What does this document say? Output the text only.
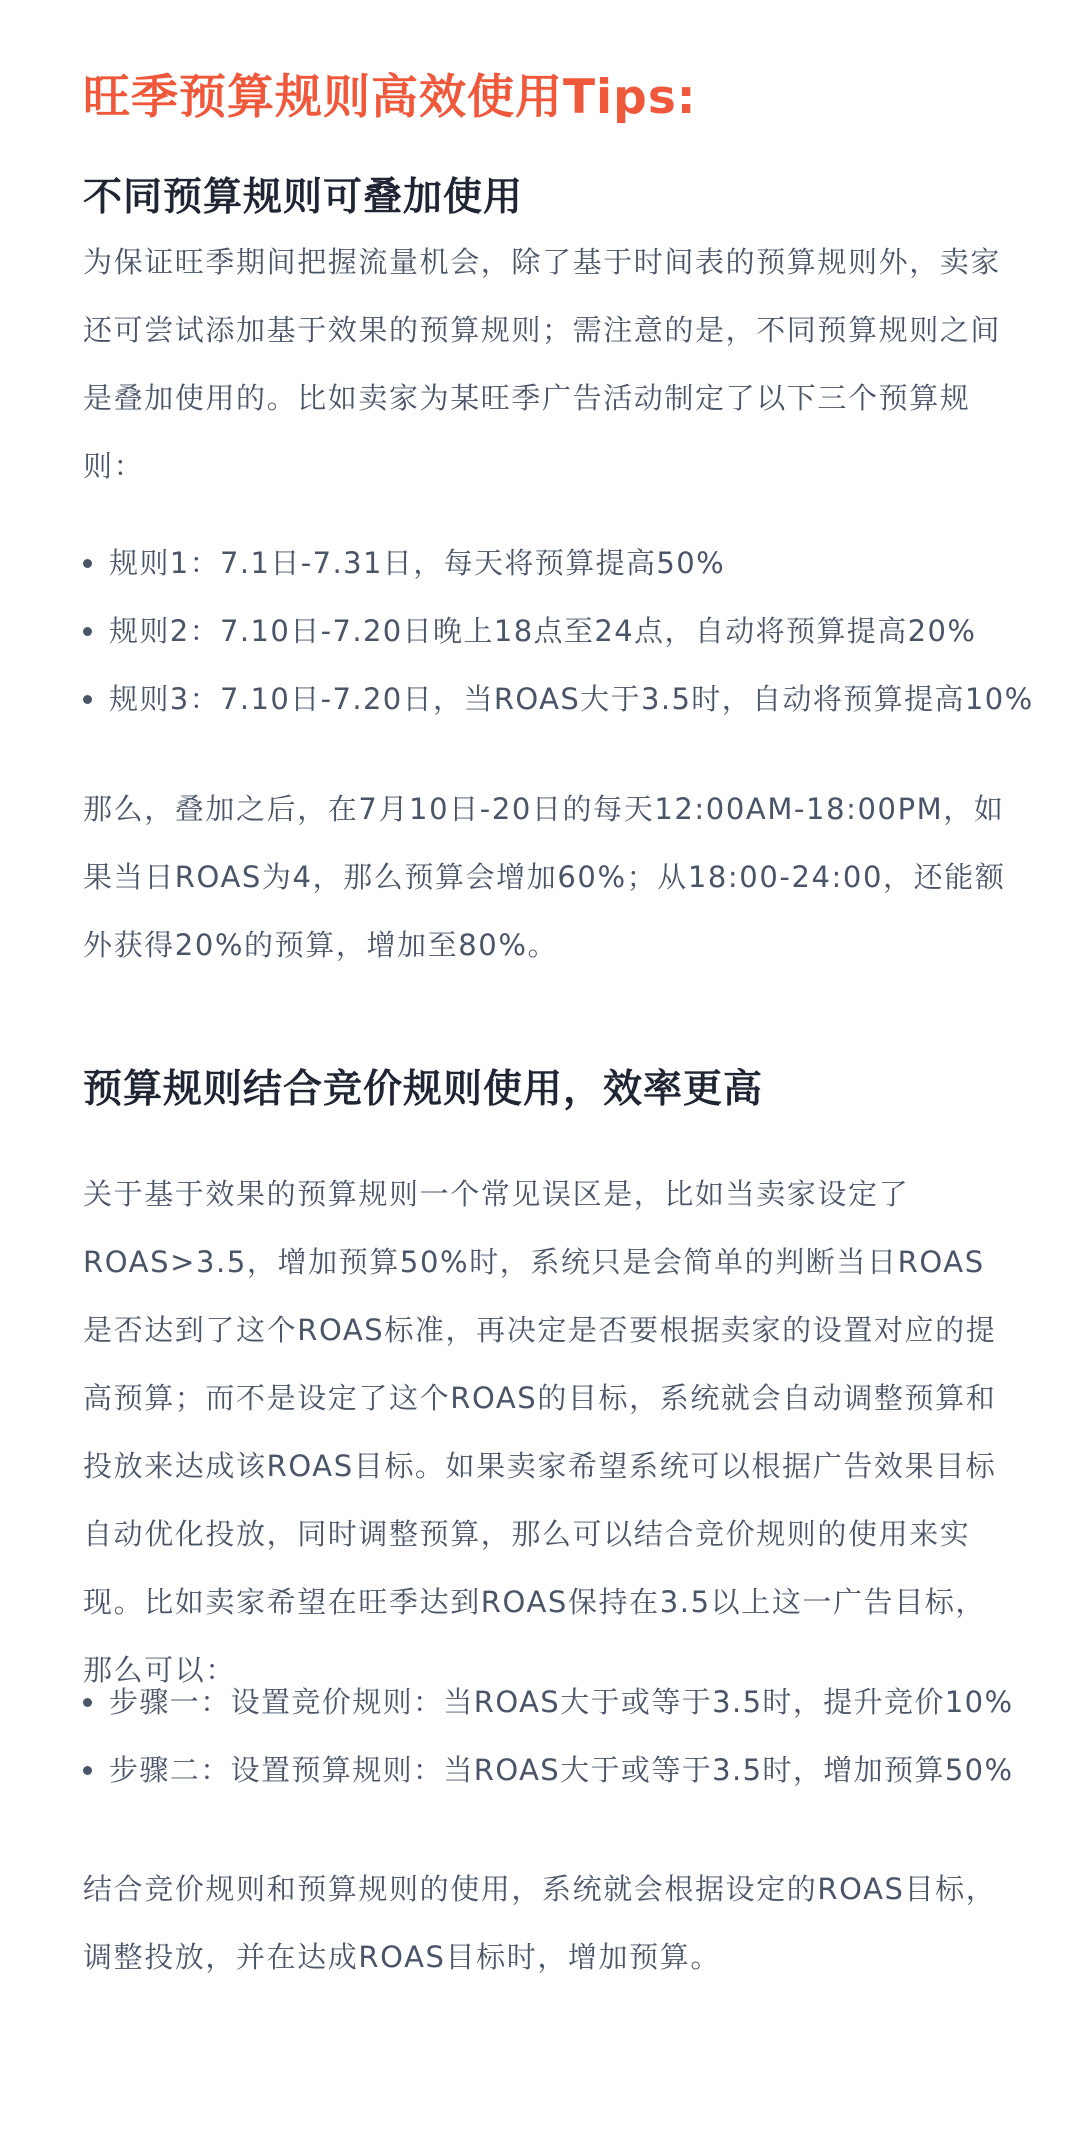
旺季预算规则高效使用Tips:
不同预算规则可叠加使用

为保证旺季期间把握流量机会，除了基于时间表的预算规则外，卖家还可尝试添加基于效果的预算规则；需注意的是，不同预算规则之间是叠加使用的。比如卖家为某旺季广告活动制定了以下三个预算规则：

规则1：7.1日-7.31日，每天将预算提高50%
规则2：7.10日-7.20日晚上18点至24点，自动将预算提高20%
规则3：7.10日-7.20日，当ROAS大于3.5时，自动将预算提高10%

那么，叠加之后，在7月10日-20日的每天12:00AM-18:00PM，如果当日ROAS为4，那么预算会增加60%；从18:00-24:00，还能额外获得20%的预算，增加至80%。

预算规则结合竞价规则使用，效率更高

关于基于效果的预算规则一个常见误区是，比如当卖家设定了ROAS>3.5，增加预算50%时，系统只是会简单的判断当日ROAS是否达到了这个ROAS标准，再决定是否要根据卖家的设置对应的提高预算；而不是设定了这个ROAS的目标，系统就会自动调整预算和投放来达成该ROAS目标。如果卖家希望系统可以根据广告效果目标自动优化投放，同时调整预算，那么可以结合竞价规则的使用来实现。比如卖家希望在旺季达到ROAS保持在3.5以上这一广告目标，那么可以：

步骤一：设置竞价规则：当ROAS大于或等于3.5时，提升竞价10%
步骤二：设置预算规则：当ROAS大于或等于3.5时，增加预算50%

结合竞价规则和预算规则的使用，系统就会根据设定的ROAS目标，调整投放，并在达成ROAS目标时，增加预算。
